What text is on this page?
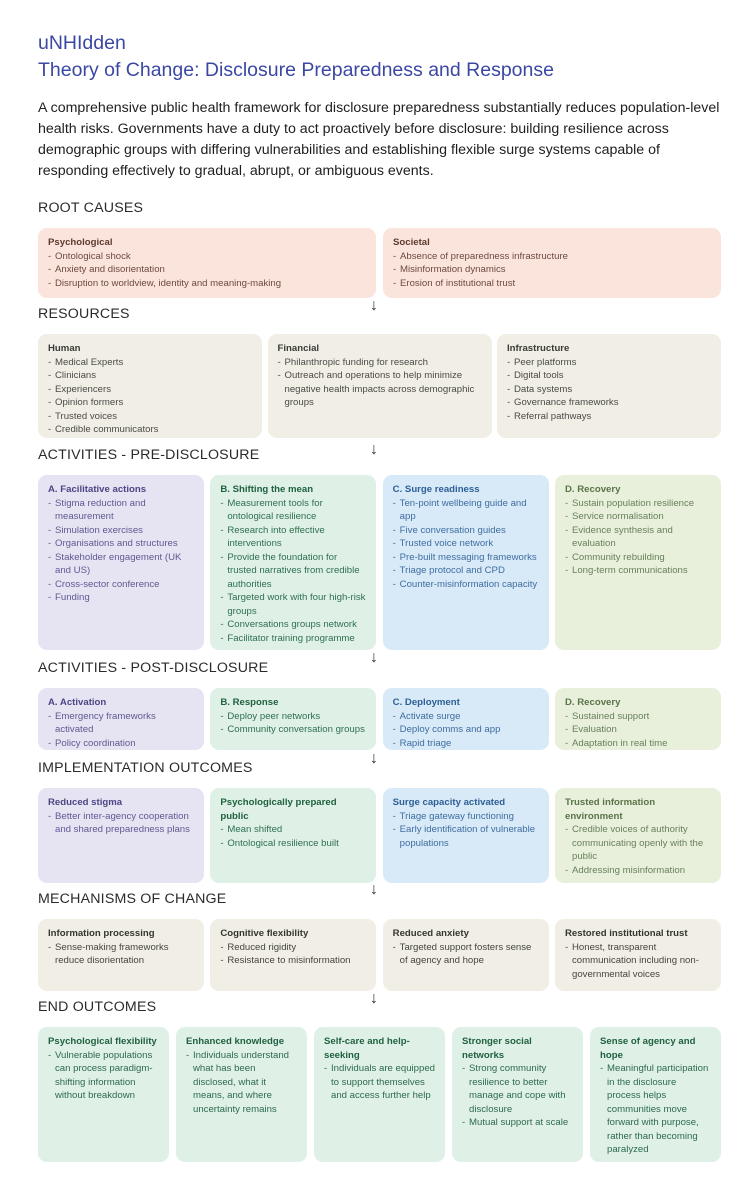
uNHIdden
Theory of Change: Disclosure Preparedness and Response
A comprehensive public health framework for disclosure preparedness substantially reduces population-level health risks. Governments have a duty to act proactively before disclosure: building resilience across demographic groups with differing vulnerabilities and establishing flexible surge systems capable of responding effectively to gradual, abrupt, or ambiguous events.
ROOT CAUSES
Psychological
- Ontological shock
- Anxiety and disorientation
- Disruption to worldview, identity and meaning-making
Societal
- Absence of preparedness infrastructure
- Misinformation dynamics
- Erosion of institutional trust
↓
RESOURCES
Human
- Medical Experts
- Clinicians
- Experiencers
- Opinion formers
- Trusted voices
- Credible communicators
Financial
- Philanthropic funding for research
- Outreach and operations to help minimize negative health impacts across demographic groups
Infrastructure
- Peer platforms
- Digital tools
- Data systems
- Governance frameworks
- Referral pathways
↓
ACTIVITIES - PRE-DISCLOSURE
A. Facilitative actions
- Stigma reduction and measurement
- Simulation exercises
- Organisations and structures
- Stakeholder engagement (UK and US)
- Cross-sector conference
- Funding
B. Shifting the mean
- Measurement tools for ontological resilience
- Research into effective interventions
- Provide the foundation for trusted narratives from credible authorities
- Targeted work with four high-risk groups
- Conversations groups network
- Facilitator training programme
C. Surge readiness
- Ten-point wellbeing guide and app
- Five conversation guides
- Trusted voice network
- Pre-built messaging frameworks
- Triage protocol and CPD
- Counter-misinformation capacity
D. Recovery
- Sustain population resilience
- Service normalisation
- Evidence synthesis and evaluation
- Community rebuilding
- Long-term communications
↓
ACTIVITIES - POST-DISCLOSURE
A. Activation
- Emergency frameworks activated
- Policy coordination
B. Response
- Deploy peer networks
- Community conversation groups
C. Deployment
- Activate surge
- Deploy comms and app
- Rapid triage
D. Recovery
- Sustained support
- Evaluation
- Adaptation in real time
↓
IMPLEMENTATION OUTCOMES
Reduced stigma
- Better inter-agency cooperation and shared preparedness plans
Psychologically prepared public
- Mean shifted
- Ontological resilience built
Surge capacity activated
- Triage gateway functioning
- Early identification of vulnerable populations
Trusted information environment
- Credible voices of authority communicating openly with the public
- Addressing misinformation
↓
MECHANISMS OF CHANGE
Information processing
- Sense-making frameworks reduce disorientation
Cognitive flexibility
- Reduced rigidity
- Resistance to misinformation
Reduced anxiety
- Targeted support fosters sense of agency and hope
Restored institutional trust
- Honest, transparent communication including non-governmental voices
↓
END OUTCOMES
Psychological flexibility
- Vulnerable populations can process paradigm-shifting information without breakdown
Enhanced knowledge
- Individuals understand what has been disclosed, what it means, and where uncertainty remains
Self-care and help-seeking
- Individuals are equipped to support themselves and access further help
Stronger social networks
- Strong community resilience to better manage and cope with disclosure
- Mutual support at scale
Sense of agency and hope
- Meaningful participation in the disclosure process helps communities move forward with purpose, rather than becoming paralyzed
